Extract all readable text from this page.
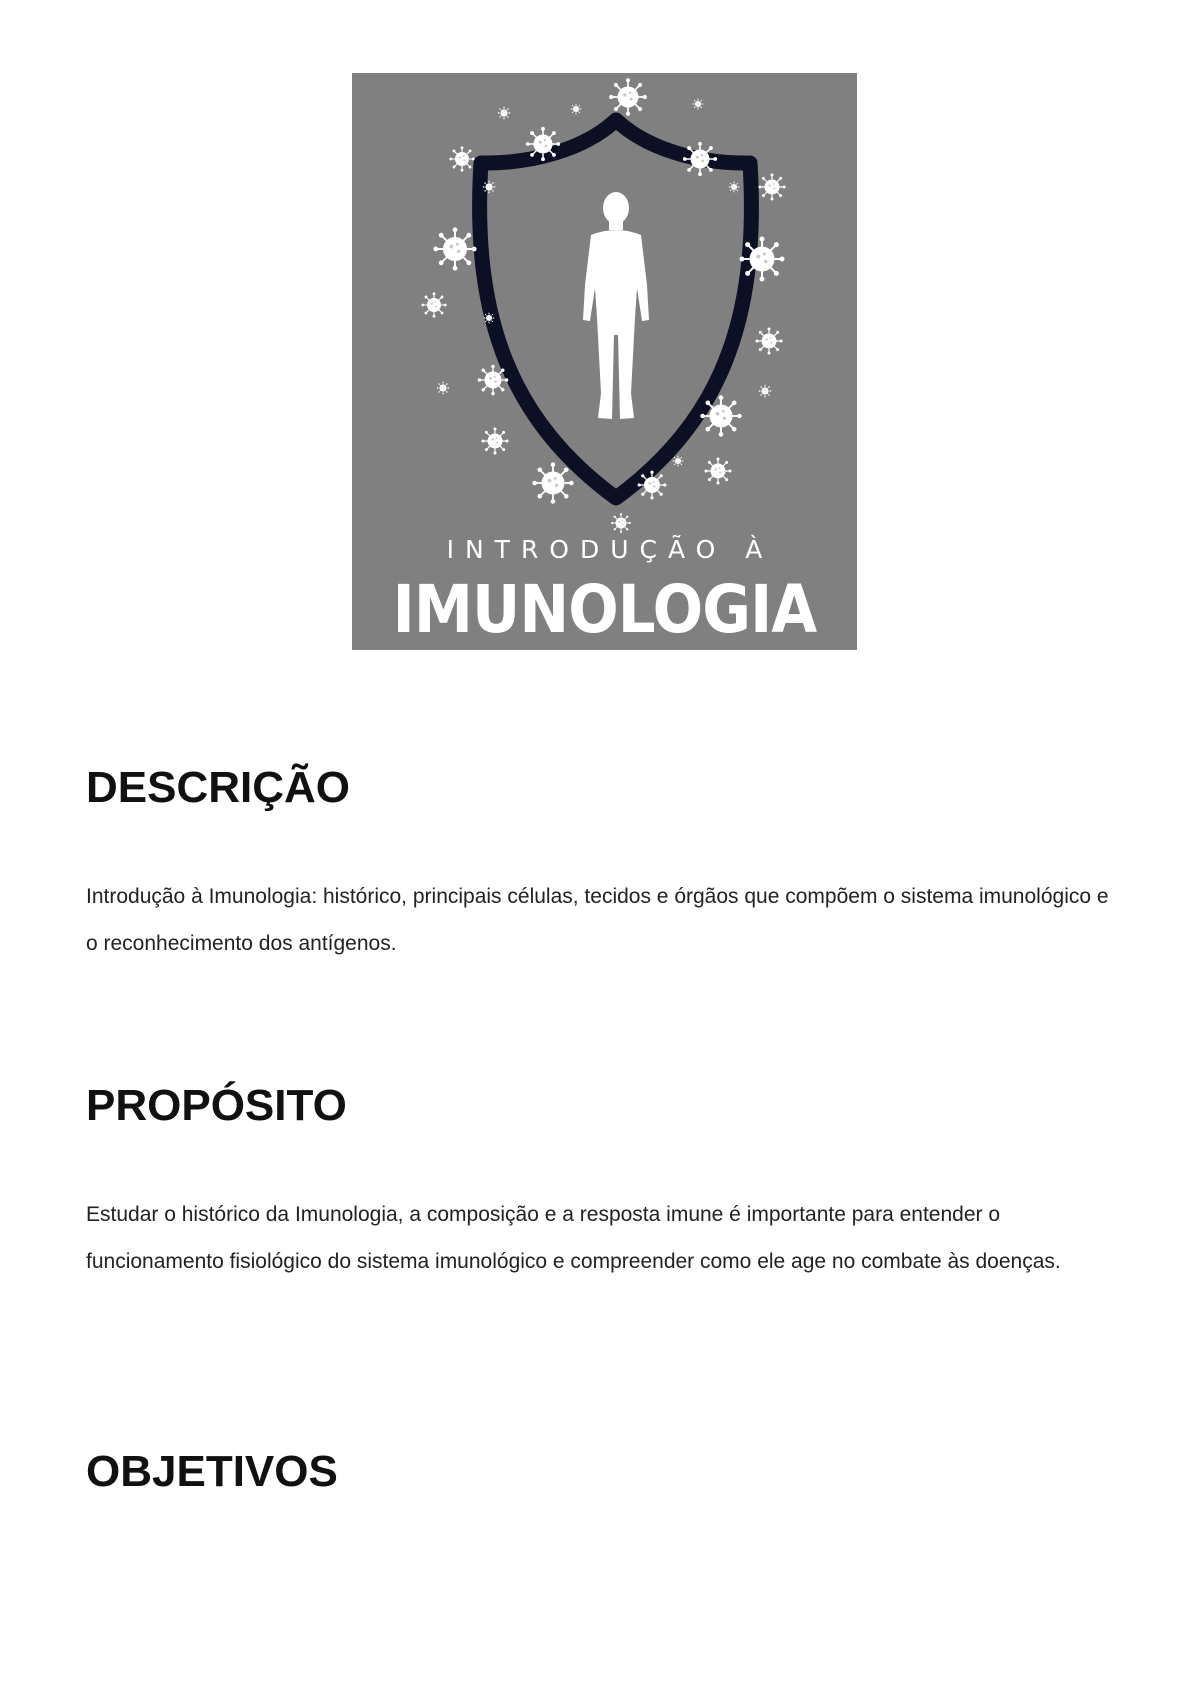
INTRODUÇÃO À
IMUNOLOGIA
DESCRIÇÃO

Introdução à Imunologia: histórico, principais células, tecidos e órgãos que compõem o sistema imunológico e o reconhecimento dos antígenos.

PROPÓSITO

Estudar o histórico da Imunologia, a composição e a resposta imune é importante para entender o funcionamento fisiológico do sistema imunológico e compreender como ele age no combate às doenças.

OBJETIVOS
